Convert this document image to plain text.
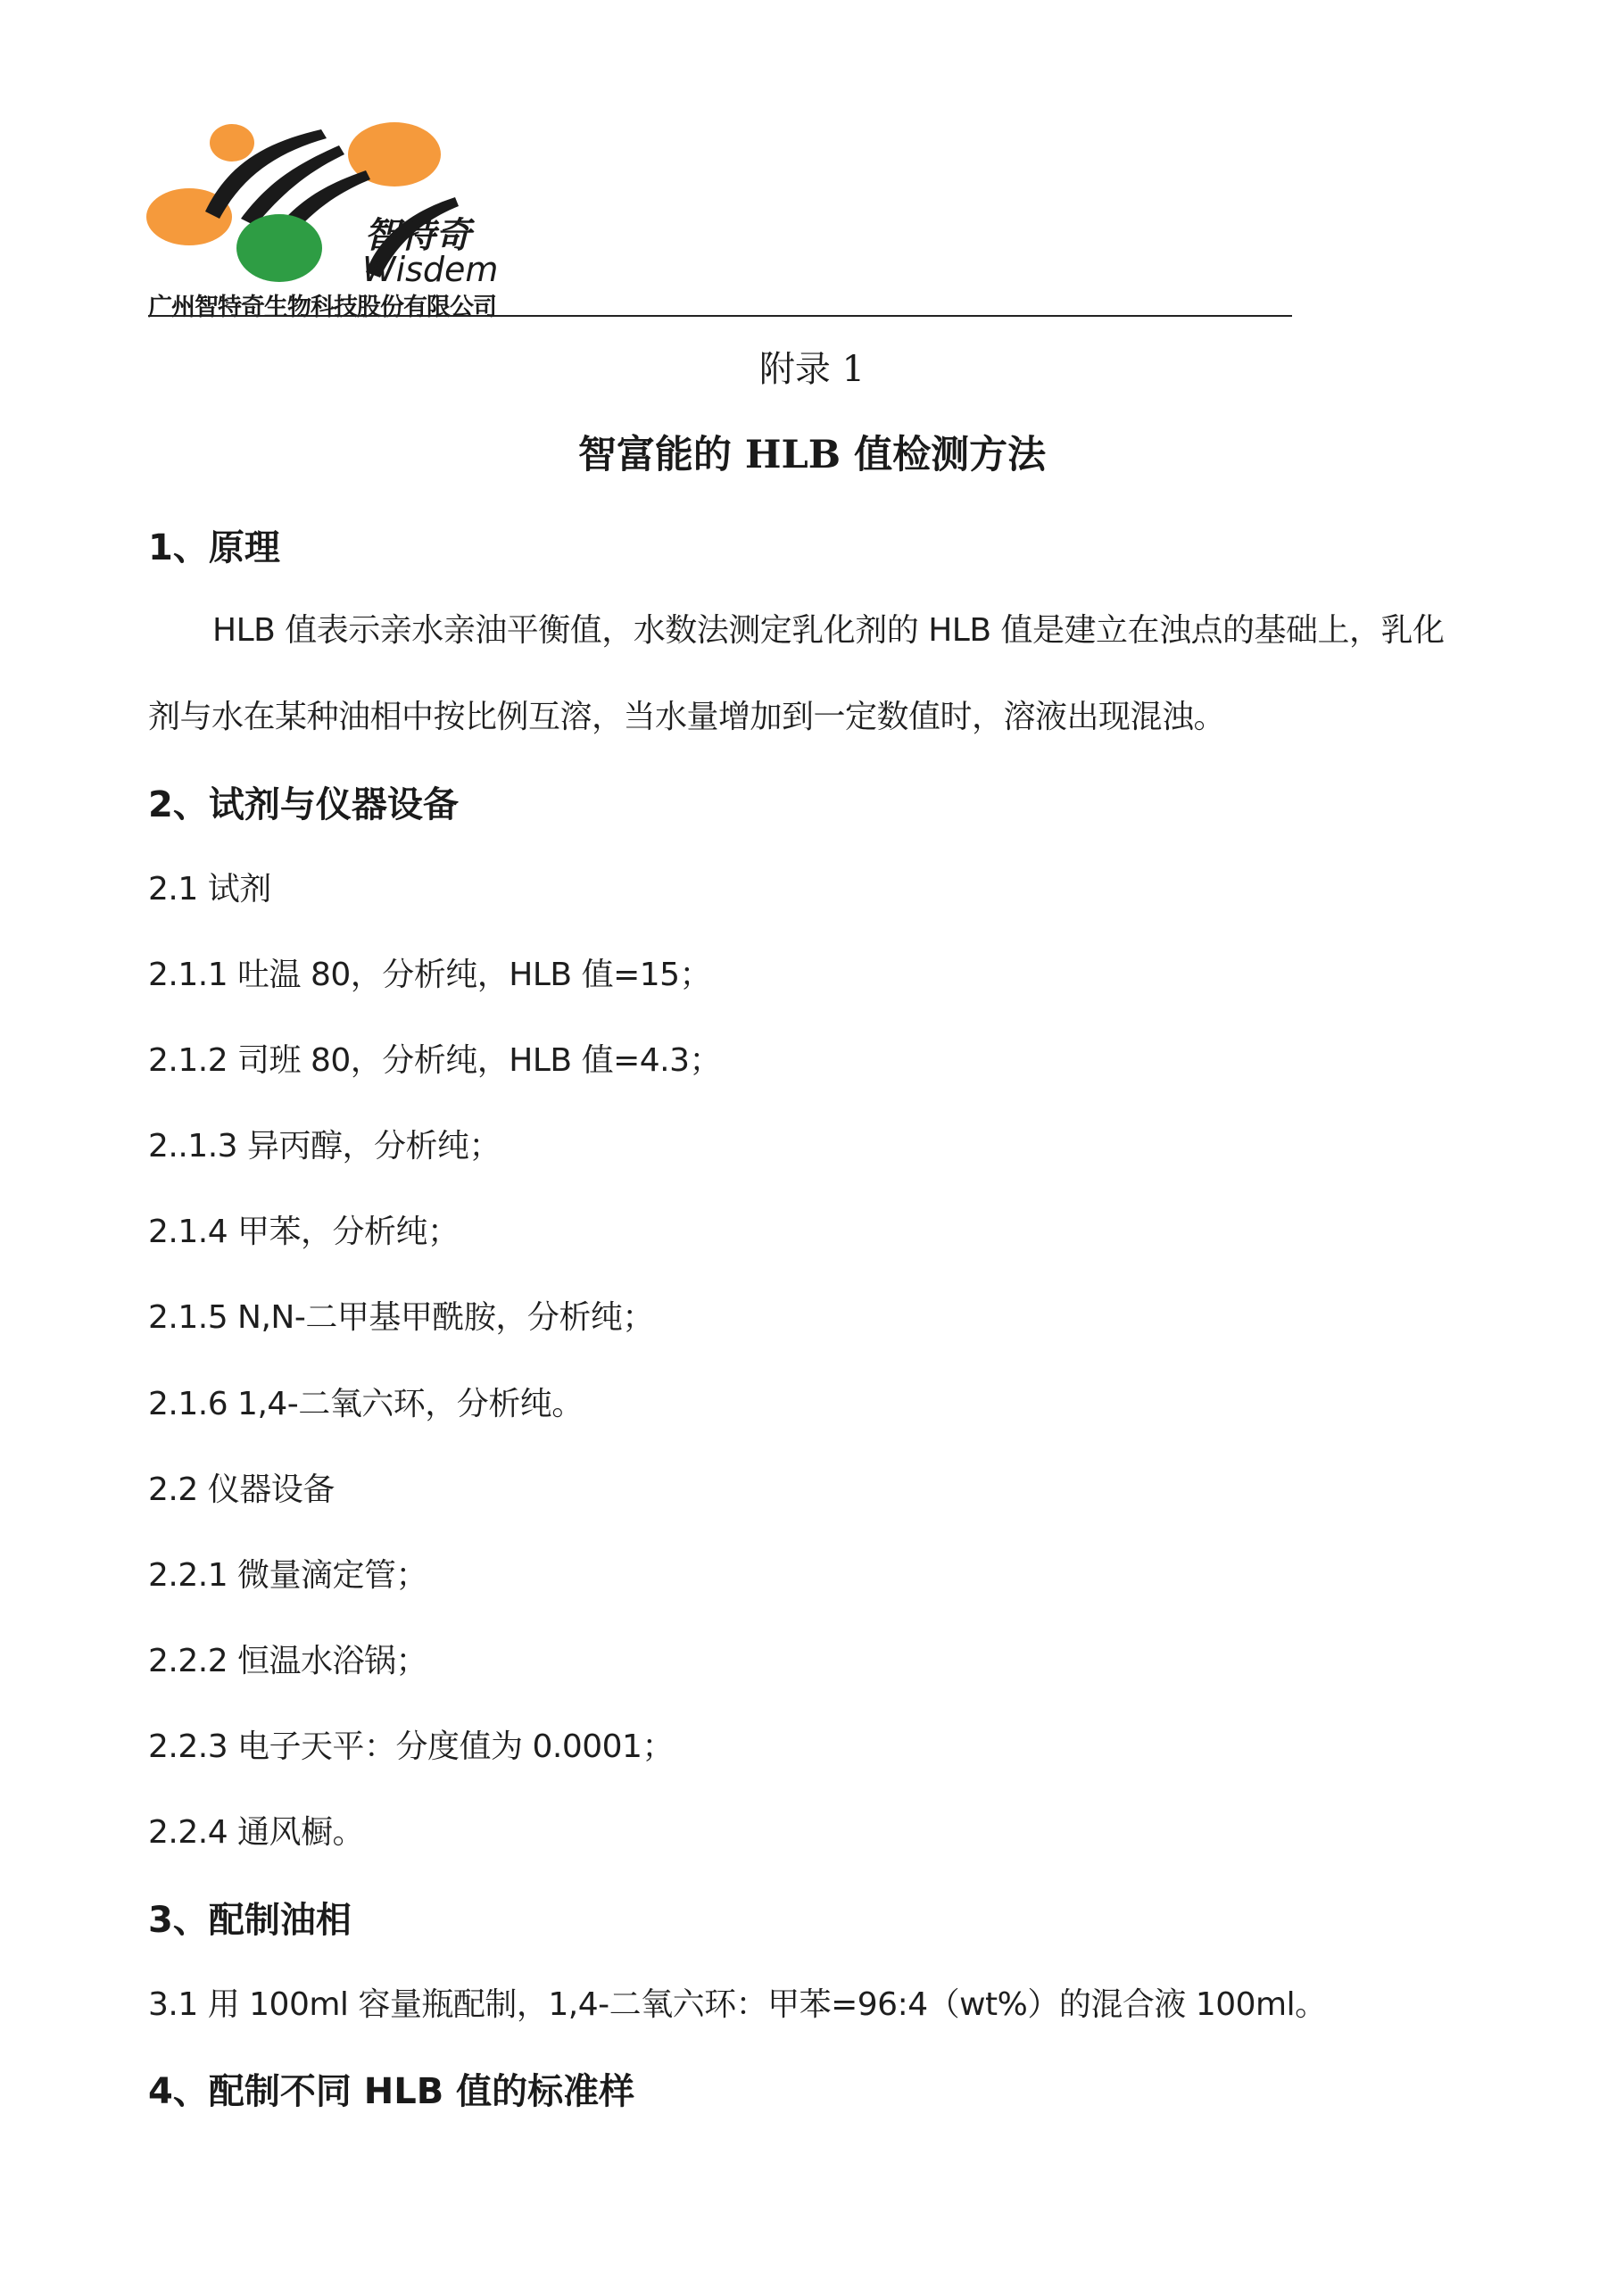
智特奇
Wisdem
广州智特奇生物科技股份有限公司
附录 1
智富能的 HLB 值检测方法
1、原理
HLB 值表示亲水亲油平衡值，水数法测定乳化剂的 HLB 值是建立在浊点的基础上，乳化
剂与水在某种油相中按比例互溶，当水量增加到一定数值时，溶液出现混浊。
2、试剂与仪器设备
2.1 试剂
2.1.1 吐温 80，分析纯，HLB 值=15；
2.1.2 司班 80，分析纯，HLB 值=4.3；
2..1.3 异丙醇，分析纯；
2.1.4 甲苯，分析纯；
2.1.5 N,N-二甲基甲酰胺，分析纯；
2.1.6 1,4-二氧六环，分析纯。
2.2 仪器设备
2.2.1 微量滴定管；
2.2.2 恒温水浴锅；
2.2.3 电子天平：分度值为 0.0001；
2.2.4 通风橱。
3、配制油相
3.1 用 100ml 容量瓶配制，1,4-二氧六环：甲苯=96:4（wt%）的混合液 100ml。
4、配制不同 HLB 值的标准样
